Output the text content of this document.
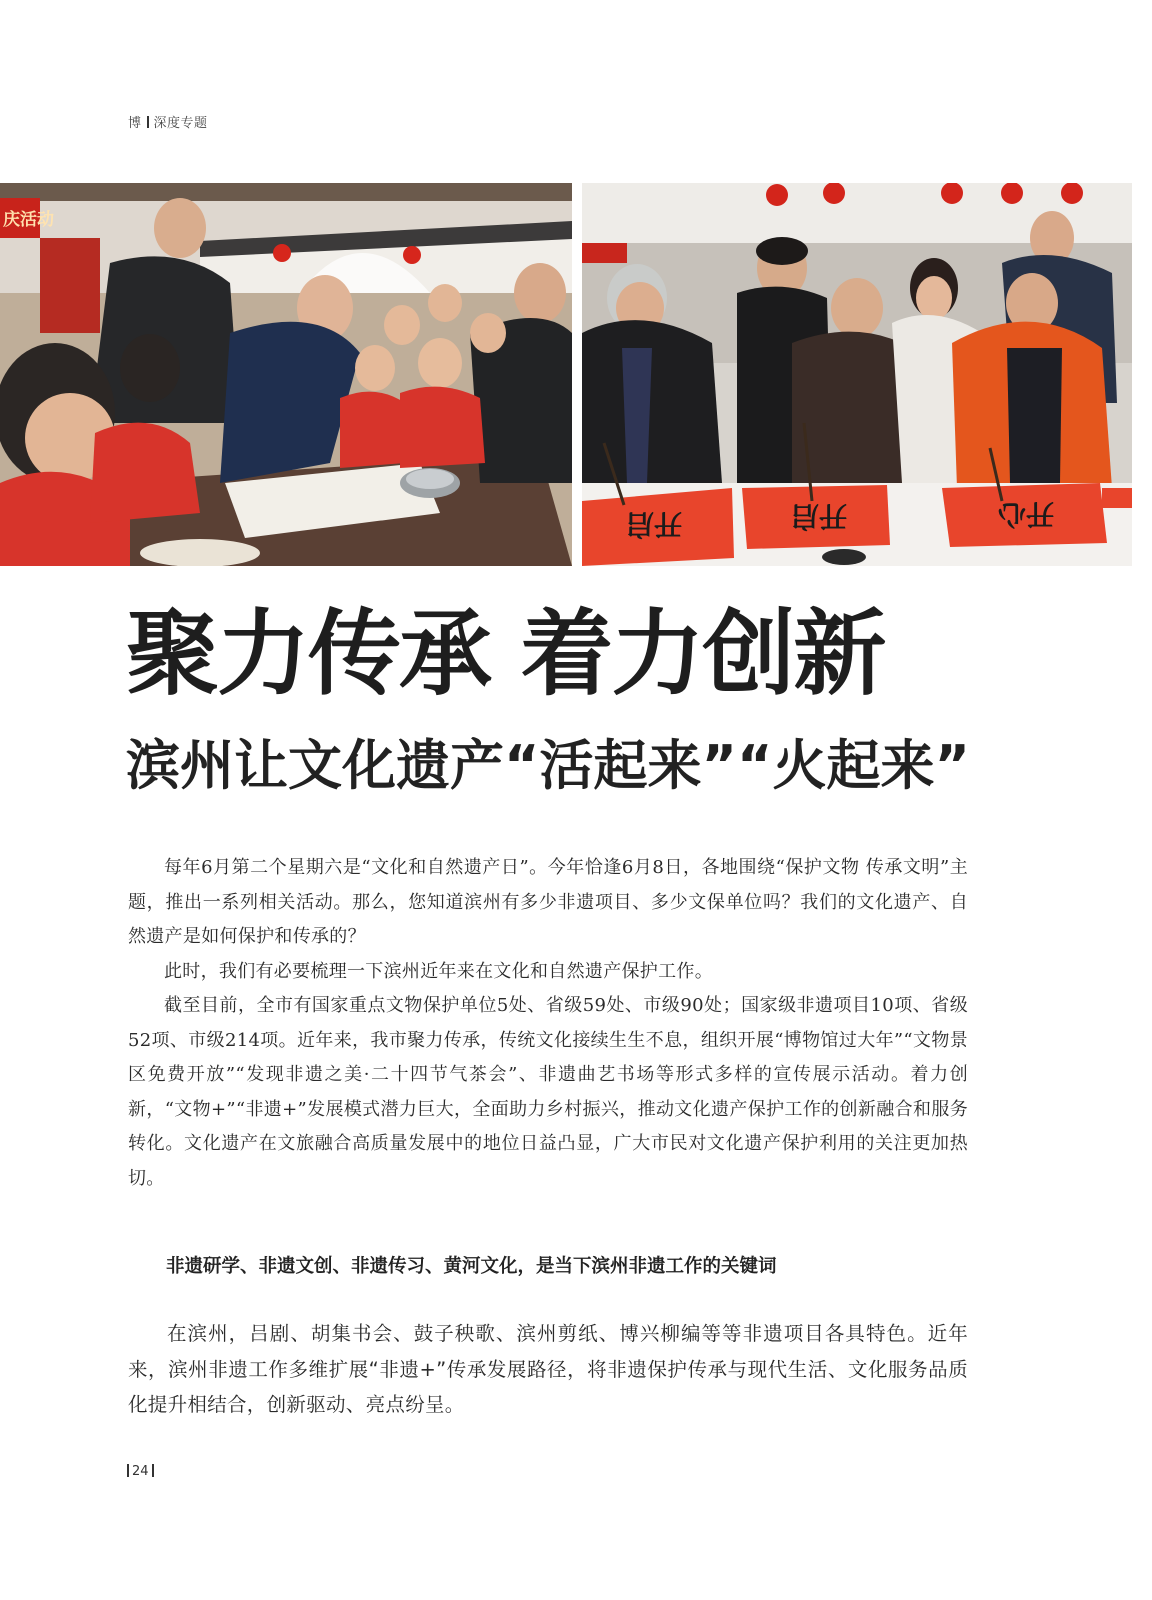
博 深度专题
庆活动
开启	开启	开心
聚力传承 着力创新
滨州让文化遗产“活起来”“火起来”

每年6月第二个星期六是“文化和自然遗产日”。今年恰逢6月8日，各地围绕“保护文物 传承文明”主题，推出一系列相关活动。那么，您知道滨州有多少非遗项目、多少文保单位吗？我们的文化遗产、自然遗产是如何保护和传承的？

此时，我们有必要梳理一下滨州近年来在文化和自然遗产保护工作。

截至目前，全市有国家重点文物保护单位5处、省级59处、市级90处；国家级非遗项目10项、省级52项、市级214项。近年来，我市聚力传承，传统文化接续生生不息，组织开展“博物馆过大年”“文物景区免费开放”“发现非遗之美·二十四节气茶会”、非遗曲艺书场等形式多样的宣传展示活动。着力创新，“文物+”“非遗+”发展模式潜力巨大，全面助力乡村振兴，推动文化遗产保护工作的创新融合和服务转化。文化遗产在文旅融合高质量发展中的地位日益凸显，广大市民对文化遗产保护利用的关注更加热切。

非遗研学、非遗文创、非遗传习、黄河文化，是当下滨州非遗工作的关键词

在滨州，吕剧、胡集书会、鼓子秧歌、滨州剪纸、博兴柳编等等非遗项目各具特色。近年来，滨州非遗工作多维扩展“非遗+”传承发展路径，将非遗保护传承与现代生活、文化服务品质化提升相结合，创新驱动、亮点纷呈。

24
